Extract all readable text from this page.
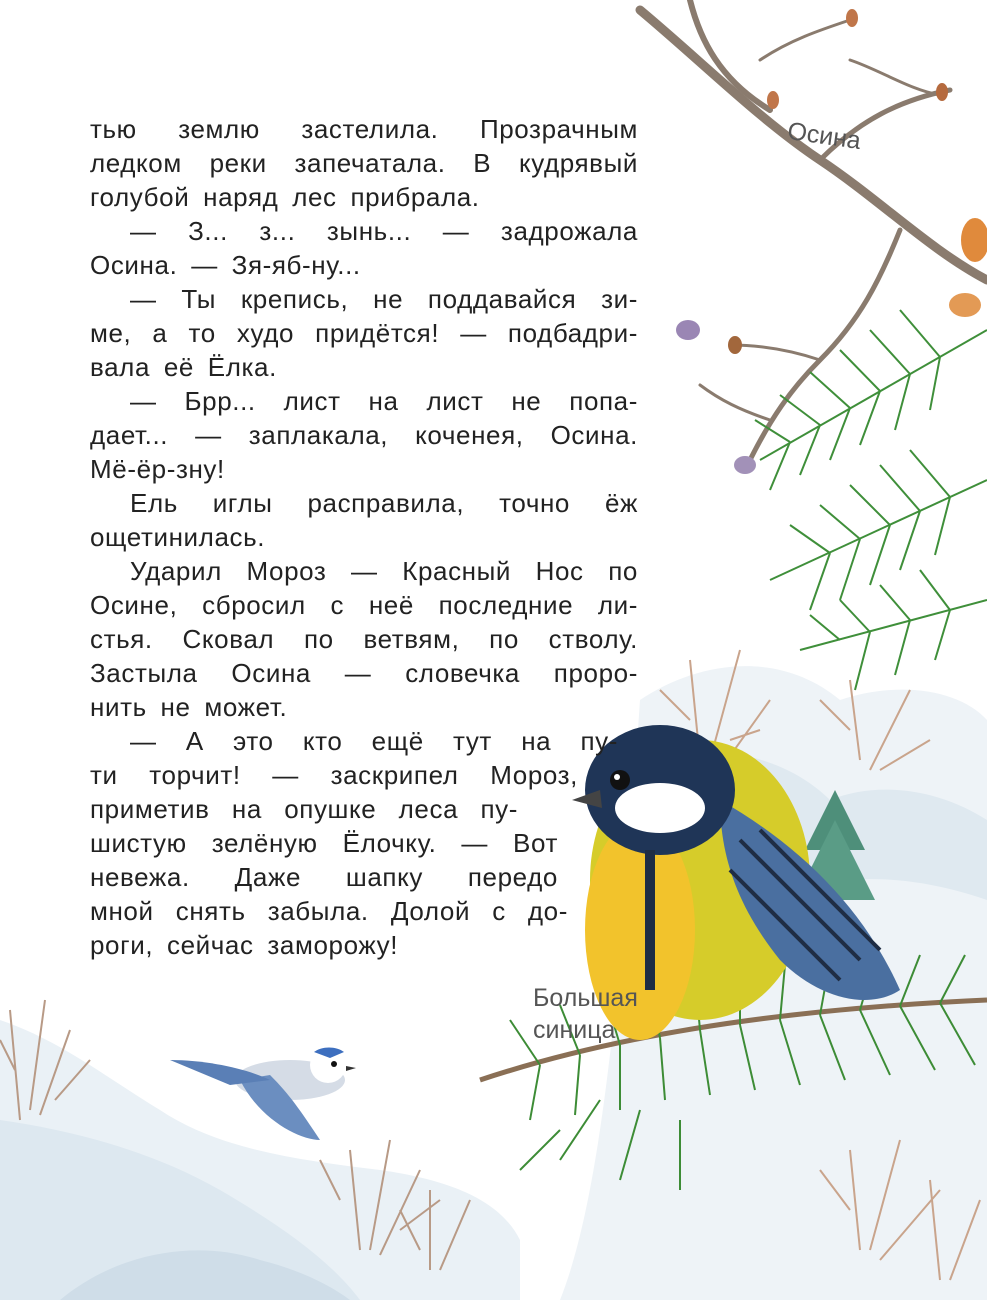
тью землю застелила. Прозрачным
ледком реки запечатала. В кудрявый
голубой наряд лес прибрала.
— З... з... зынь... — задрожала
Осина. — Зя-яб-ну...
— Ты крепись, не поддавайся зи-
ме, а то худо придётся! — подбадри-
вала её Ёлка.
— Брр... лист на лист не попа-
дает... — заплакала, коченея, Осина.
Мё-ёр-зну!
Ель иглы расправила, точно ёж
ощетинилась.
Ударил Мороз — Красный Нос по
Осине, сбросил с неё последние ли-
стья. Сковал по ветвям, по стволу.
Застыла Осина — словечка проро-
нить не может.
— А это кто ещё тут на пу-
ти торчит! — заскрипел Мороз,
приметив на опушке леса пу-
шистую зелёную Ёлочку. — Вот
невежа. Даже шапку передо
мной снять забыла. Долой с до-
роги, сейчас заморожу!
Осина
Большая
синица
